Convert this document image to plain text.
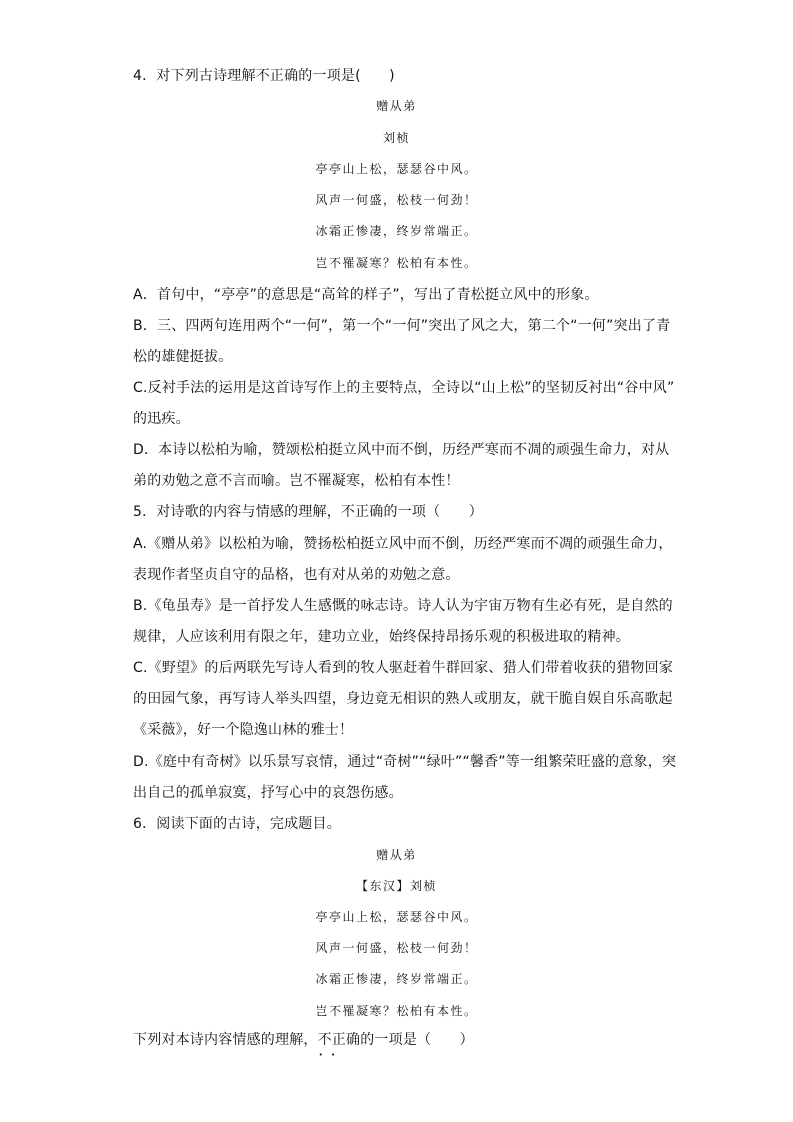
4．对下列古诗理解不正确的一项是(　　)
赠从弟
刘桢
亭亭山上松，瑟瑟谷中风。
风声一何盛，松枝一何劲！
冰霜正惨凄，终岁常端正。
岂不罹凝寒？松柏有本性。
A．首句中，“亭亭”的意思是“高耸的样子”，写出了青松挺立风中的形象。
B．三、四两句连用两个“一何”，第一个“一何”突出了风之大，第二个“一何”突出了青
松的雄健挺拔。
C.反衬手法的运用是这首诗写作上的主要特点，全诗以“山上松”的坚韧反衬出“谷中风”
的迅疾。
D．本诗以松柏为喻，赞颂松柏挺立风中而不倒，历经严寒而不凋的顽强生命力，对从
弟的劝勉之意不言而喻。岂不罹凝寒，松柏有本性！
5．对诗歌的内容与情感的理解，不正确的一项（　　）
A.《赠从弟》以松柏为喻，赞扬松柏挺立风中而不倒，历经严寒而不凋的顽强生命力，
表现作者坚贞自守的品格，也有对从弟的劝勉之意。
B.《龟虽寿》是一首抒发人生感慨的咏志诗。诗人认为宇宙万物有生必有死，是自然的
规律，人应该利用有限之年，建功立业，始终保持昂扬乐观的积极进取的精神。
C.《野望》的后两联先写诗人看到的牧人驱赶着牛群回家、猎人们带着收获的猎物回家
的田园气象，再写诗人举头四望，身边竟无相识的熟人或朋友，就干脆自娱自乐高歌起
《采薇》，好一个隐逸山林的雅士！
D.《庭中有奇树》以乐景写哀情，通过“奇树”“绿叶”“馨香”等一组繁荣旺盛的意象，突
出自己的孤单寂寞，抒写心中的哀怨伤感。
6．阅读下面的古诗，完成题目。
赠从弟
【东汉】刘桢
亭亭山上松，瑟瑟谷中风。
风声一何盛，松枝一何劲！
冰霜正惨凄，终岁常端正。
岂不罹凝寒？松柏有本性。
下列对本诗内容情感的理解，不正确 • •的一项是（　　）
